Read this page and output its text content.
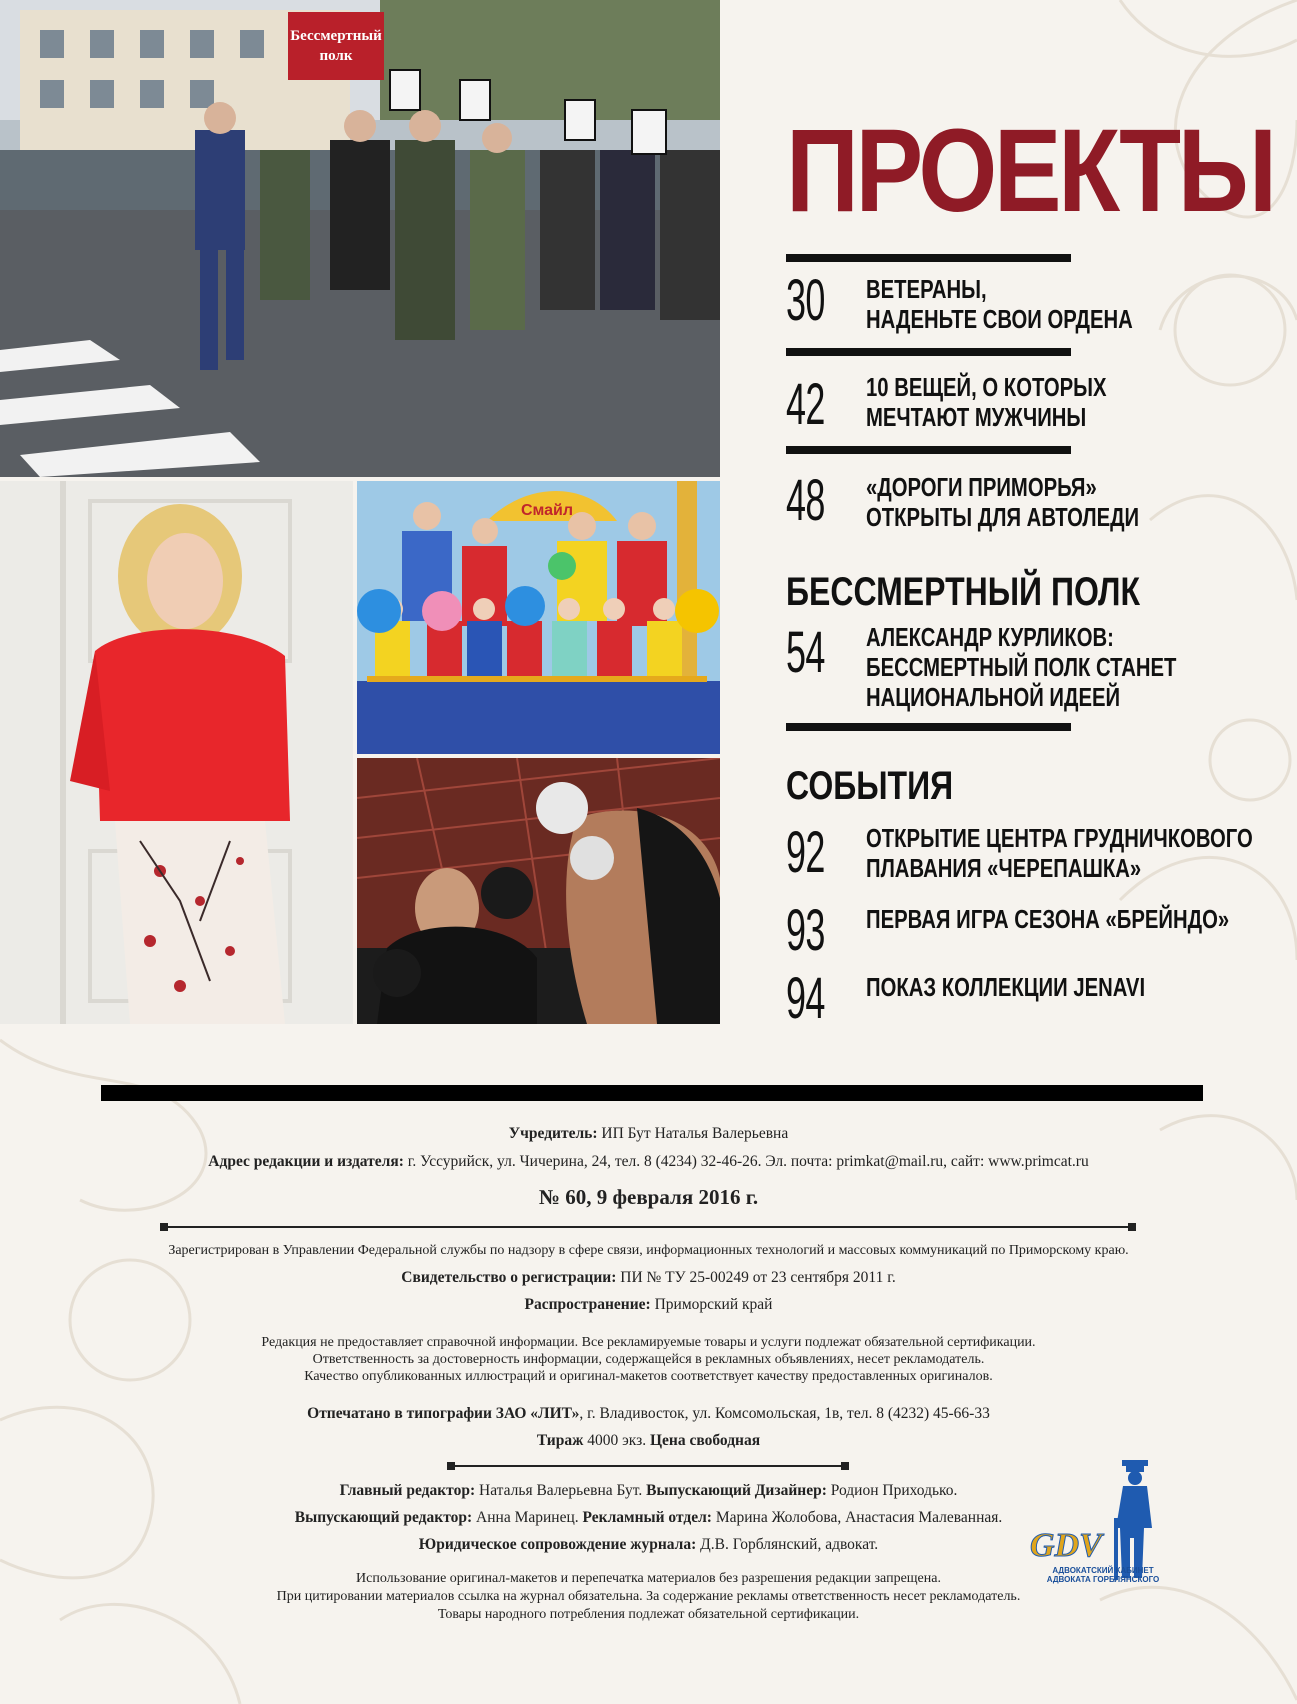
Бессмертный
полк
Смайл
ПРОЕКТЫ
30 ВЕТЕРАНЫ,
НАДЕНЬТЕ СВОИ ОРДЕНА
42 10 ВЕЩЕЙ, О КОТОРЫХ
МЕЧТАЮТ МУЖЧИНЫ
48 «ДОРОГИ ПРИМОРЬЯ»
ОТКРЫТЫ ДЛЯ АВТОЛЕДИ
БЕССМЕРТНЫЙ ПОЛК
54 АЛЕКСАНДР КУРЛИКОВ:
БЕССМЕРТНЫЙ ПОЛК СТАНЕТ
НАЦИОНАЛЬНОЙ ИДЕЕЙ
СОБЫТИЯ
92 ОТКРЫТИЕ ЦЕНТРА ГРУДНИЧКОВОГО
ПЛАВАНИЯ «ЧЕРЕПАШКА»
93 ПЕРВАЯ ИГРА СЕЗОНА «БРЕЙНДО»
94 ПОКАЗ КОЛЛЕКЦИИ JENAVI
Учредитель: ИП Бут Наталья Валерьевна
Адрес редакции и издателя: г. Уссурийск, ул. Чичерина, 24, тел. 8 (4234) 32-46-26. Эл. почта: primkat@mail.ru, сайт: www.primcat.ru
№ 60, 9 февраля 2016 г.
Зарегистрирован в Управлении Федеральной службы по надзору в сфере связи, информационных технологий и массовых коммуникаций по Приморскому краю.
Свидетельство о регистрации: ПИ № ТУ 25-00249 от 23 сентября 2011 г.
Распространение: Приморский край
Редакция не предоставляет справочной информации. Все рекламируемые товары и услуги подлежат обязательной сертификации.
Ответственность за достоверность информации, содержащейся в рекламных объявлениях, несет рекламодатель.
Качество опубликованных иллюстраций и оригинал-макетов соответствует качеству предоставленных оригиналов.
Отпечатано в типографии ЗАО «ЛИТ», г. Владивосток, ул. Комсомольская, 1в, тел. 8 (4232) 45-66-33
Тираж 4000 экз. Цена свободная
Главный редактор: Наталья Валерьевна Бут. Выпускающий Дизайнер: Родион Приходько.
Выпускающий редактор: Анна Маринец. Рекламный отдел: Марина Жолобова, Анастасия Малеванная.
Юридическое сопровождение журнала: Д.В. Горблянский, адвокат.
Использование оригинал-макетов и перепечатка материалов без разрешения редакции запрещена.
При цитировании материалов ссылка на журнал обязательна. За содержание рекламы ответственность несет рекламодатель.
Товары народного потребления подлежат обязательной сертификации.
GDV
АДВОКАТСКИЙ КАБИНЕТ
АДВОКАТА ГОРБЛЯНСКОГО
